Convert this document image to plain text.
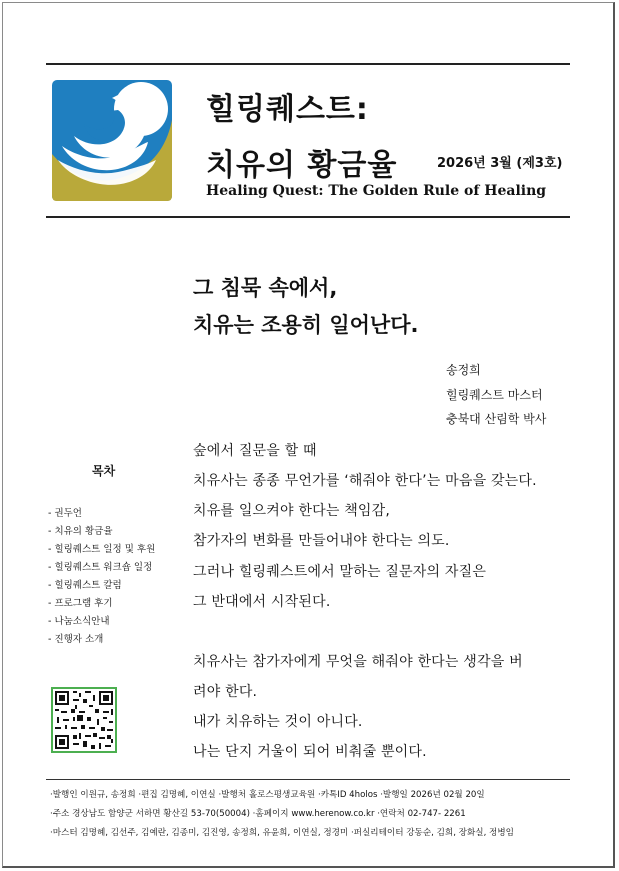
힐링퀘스트:
치유의 황금율	2026년 3월 (제3호)
Healing Quest: The Golden Rule of Healing
그 침묵 속에서,
치유는 조용히 일어난다.
송정희
힐링퀘스트 마스터
충북대 산림학 박사
숲에서 질문을 할 때
치유사는 종종 무언가를 ‘해줘야 한다’는 마음을 갖는다.
치유를 일으켜야 한다는 책임감,
참가자의 변화를 만들어내야 한다는 의도.
그러나 힐링퀘스트에서 말하는 질문자의 자질은
그 반대에서 시작된다.
치유사는 참가자에게 무엇을 해줘야 한다는 생각을 버
려야 한다.
내가 치유하는 것이 아니다.
나는 단지 거울이 되어 비춰줄 뿐이다.
목차
- 권두언
- 치유의 황금율
- 힐링퀘스트 일정 및 후원
- 힐링퀘스트 워크숍 일정
- 힐링퀘스트 칼럼
- 프로그램 후기
- 나눔소식안내
- 진행자 소개
·발행인 이원규, 송정희 ·편집 김명혜, 이연실 ·발행처 홀로스평생교육원 ·카톡ID 4holos ·발행일 2026년 02월 20일
·주소 경상남도 함양군 서하면 황산길 53-70(50004) ·홈페이지 www.herenow.co.kr ·연락처 02-747- 2261
·마스터 김명혜, 김선주, 김예란, 김종미, 김진영, 송정희, 유윤희, 이연실, 정경미 ·퍼실리테이터 강동순, 김희, 장화실, 정병임
